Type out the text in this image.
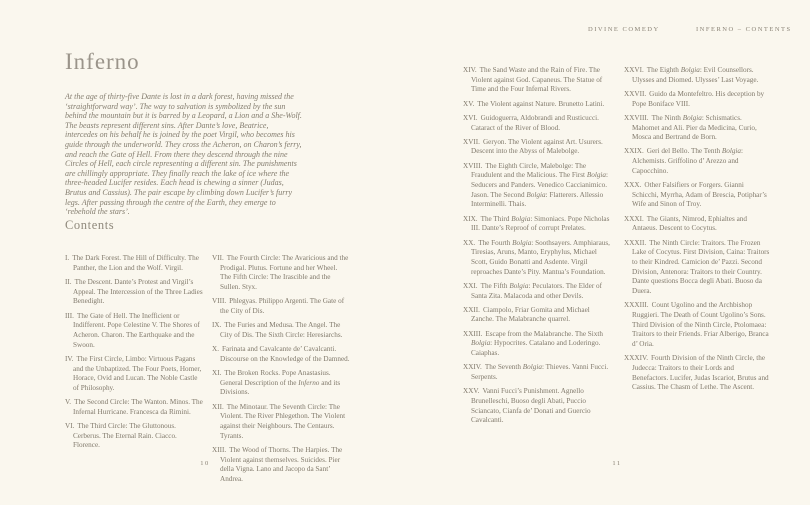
Inferno

At the age of thirty-five Dante is lost in a dark forest, having missed the ‘straightforward way’. The way to salvation is symbolized by the sun behind the mountain but it is barred by a Leopard, a Lion and a She-Wolf. The beasts represent different sins. After Dante’s love, Beatrice, intercedes on his behalf he is joined by the poet Virgil, who becomes his guide through the underworld. They cross the Acheron, on Charon’s ferry, and reach the Gate of Hell. From there they descend through the nine Circles of Hell, each circle representing a different sin. The punishments are chillingly appropriate. They finally reach the lake of ice where the three-headed Lucifer resides. Each head is chewing a sinner (Judas, Brutus and Cassius). The pair escape by climbing down Lucifer’s furry legs. After passing through the centre of the Earth, they emerge to ‘rebehold the stars’.

Contents
I. The Dark Forest. The Hill of Difficulty. The Panther, the Lion and the Wolf. Virgil.
II. The Descent. Dante’s Protest and Virgil’s Appeal. The Intercession of the Three Ladies Benedight.
III. The Gate of Hell. The Inefficient or Indifferent. Pope Celestine V. The Shores of Acheron. Charon. The Earthquake and the Swoon.
IV. The First Circle, Limbo: Virtuous Pagans and the Unbaptized. The Four Poets, Homer, Horace, Ovid and Lucan. The Noble Castle of Philosophy.
V. The Second Circle: The Wanton. Minos. The Infernal Hurricane. Francesca da Rimini.
VI. The Third Circle: The Gluttonous. Cerberus. The Eternal Rain. Ciacco. Florence.
VII. The Fourth Circle: The Avaricious and the Prodigal. Plutus. Fortune and her Wheel. The Fifth Circle: The Irascible and the Sullen. Styx.
VIII. Phlegyas. Philippo Argenti. The Gate of the City of Dis.
IX. The Furies and Medusa. The Angel. The City of Dis. The Sixth Circle: Heresiarchs.
X. Farinata and Cavalcante de’ Cavalcanti. Discourse on the Knowledge of the Damned.
XI. The Broken Rocks. Pope Anastasius. General Description of the Inferno and its Divisions.
XII. The Minotaur. The Seventh Circle: The Violent. The River Phlegethon. The Violent against their Neighbours. The Centaurs. Tyrants.
XIII. The Wood of Thorns. The Harpies. The Violent against themselves. Suicides. Pier della Vigna. Lano and Jacopo da Sant’ Andrea.
10
DIVINE COMEDY	INFERNO – CONTENTS
XIV. The Sand Waste and the Rain of Fire. The Violent against God. Capaneus. The Statue of Time and the Four Infernal Rivers.
XV. The Violent against Nature. Brunetto Latini.
XVI. Guidoguerra, Aldobrandi and Rusticucci. Cataract of the River of Blood.
XVII. Geryon. The Violent against Art. Usurers. Descent into the Abyss of Malebolge.
XVIII. The Eighth Circle, Malebolge: The Fraudulent and the Malicious. The First Bolgia: Seducers and Panders. Venedico Caccianimico. Jason. The Second Bolgia: Flatterers. Allessio Interminelli. Thais.
XIX. The Third Bolgia: Simoniacs. Pope Nicholas III. Dante’s Reproof of corrupt Prelates.
XX. The Fourth Bolgia: Soothsayers. Amphiaraus, Tiresias, Aruns, Manto, Eryphylus, Michael Scott, Guido Bonatti and Asdente. Virgil reproaches Dante’s Pity. Mantua’s Foundation.
XXI. The Fifth Bolgia: Peculators. The Elder of Santa Zita. Malacoda and other Devils.
XXII. Ciampolo, Friar Gomita and Michael Zanche. The Malabranche quarrel.
XXIII. Escape from the Malabranche. The Sixth Bolgia: Hypocrites. Catalano and Loderingo. Caiaphas.
XXIV. The Seventh Bolgia: Thieves. Vanni Fucci. Serpents.
XXV. Vanni Fucci’s Punishment. Agnello Brunelleschi, Buoso degli Abati, Puccio Sciancato, Cianfa de’ Donati and Guercio Cavalcanti.
XXVI. The Eighth Bolgia: Evil Counsellors. Ulysses and Diomed. Ulysses’ Last Voyage.
XXVII. Guido da Montefeltro. His deception by Pope Boniface VIII.
XXVIII. The Ninth Bolgia: Schismatics. Mahomet and Ali. Pier da Medicina, Curio, Mosca and Bertrand de Born.
XXIX. Geri del Bello. The Tenth Bolgia: Alchemists. Griffolino d’ Arezzo and Capocchino.
XXX. Other Falsifiers or Forgers. Gianni Schicchi, Myrrha, Adam of Brescia, Potiphar’s Wife and Sinon of Troy.
XXXI. The Giants, Nimrod, Ephialtes and Antaeus. Descent to Cocytus.
XXXII. The Ninth Circle: Traitors. The Frozen Lake of Cocytus. First Division, Caina: Traitors to their Kindred. Camicion de’ Pazzi. Second Division, Antenora: Traitors to their Country. Dante questions Bocca degli Abati. Buoso da Duera.
XXXIII. Count Ugolino and the Archbishop Ruggieri. The Death of Count Ugolino’s Sons. Third Division of the Ninth Circle, Ptolomaea: Traitors to their Friends. Friar Alberigo, Branca d’ Oria.
XXXIV. Fourth Division of the Ninth Circle, the Judecca: Traitors to their Lords and Benefactors. Lucifer, Judas Iscariot, Brutus and Cassius. The Chasm of Lethe. The Ascent.
11
